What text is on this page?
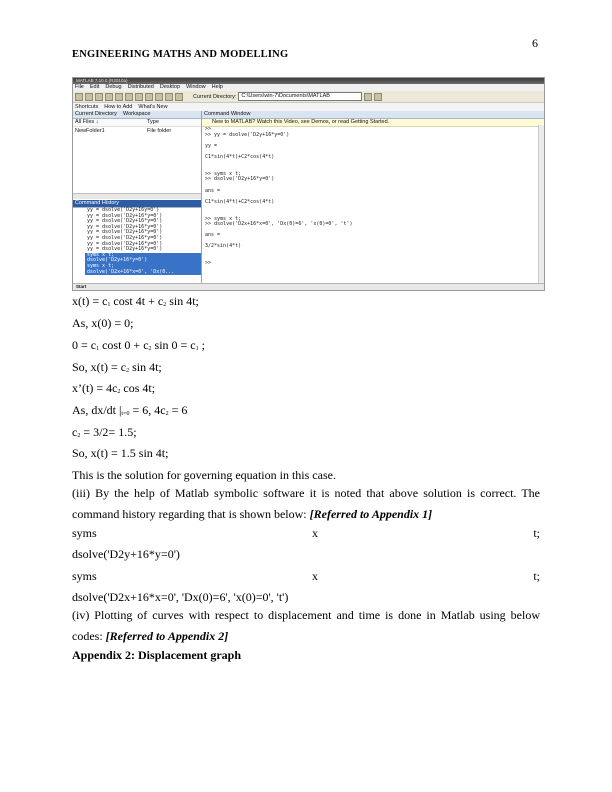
6
ENGINEERING MATHS AND MODELLING
MATLAB 7.10.0 (R2010a)
File Edit Debug Distributed Desktop Window Help
Current Directory: C:\Users\win-7\Documents\MATLAB
Shortcuts How to Add What's New
Current Directory Workspace
All Files ↓	Type
NewFolder1	File folder
Command History
yy = dsolve('D2y+16y=0')
yy = dsolve('D2y+16*y=0')
yy = dsolve('D2y+16*y=0')
yy = dsolve('D2y+16*y=0')
yy = dsolve('D2y+16*y=0')
yy = dsolve('D2y+16*y=0')
yy = dsolve('D2y+16*y=0')
yy = dsolve('D2y+16*y=0')
syms x t;
dsolve('D2y+16*y=0')
syms x t;
dsolve('D2x+16*x=0', 'Dx(0...
Command Window
New to MATLAB? Watch this Video, see Demos, or read Getting Started.
>>
>> yy = dsolve('D2y+16*y=0')

yy =

C1*sin(4*t)+C2*cos(4*t)

>> syms x t;
>> dsolve('D2y+16*y=0')

ans =

C1*sin(4*t)+C2*cos(4*t)

>> syms x t;
>> dsolve('D2x+16*x=0', 'Dx(0)=6', 'x(0)=0', 't')

ans =

3/2*sin(4*t)

>>
Start
$x(t) = c_1$ cost $4t + c_2$ sin 4t;
As, x(0) = 0;
$0 = c_1$ cost $0 + c_2$ $\sin 0 = c_1$ ;
So, $x(t) = c_2$ sin 4t;
x’(t) = $4c_2$ cos 4t;
As, dx/dt $|_{t=0} = 6$, $4c_2 = 6$
$c_2 = 3/2= 1.5$;
So, x(t) = 1.5 sin 4t;
This is the solution for governing equation in this case.
(iii) By the help of Matlab symbolic software it is noted that above solution is correct. The command history regarding that is shown below: [Referred to Appendix 1]
syms	x	t;
dsolve('D2y+16*y=0')
syms	x	t;
dsolve('D2x+16*x=0', 'Dx(0)=6', 'x(0)=0', 't')
(iv) Plotting of curves with respect to displacement and time is done in Matlab using below codes: [Referred to Appendix 2]
Appendix 2: Displacement graph
